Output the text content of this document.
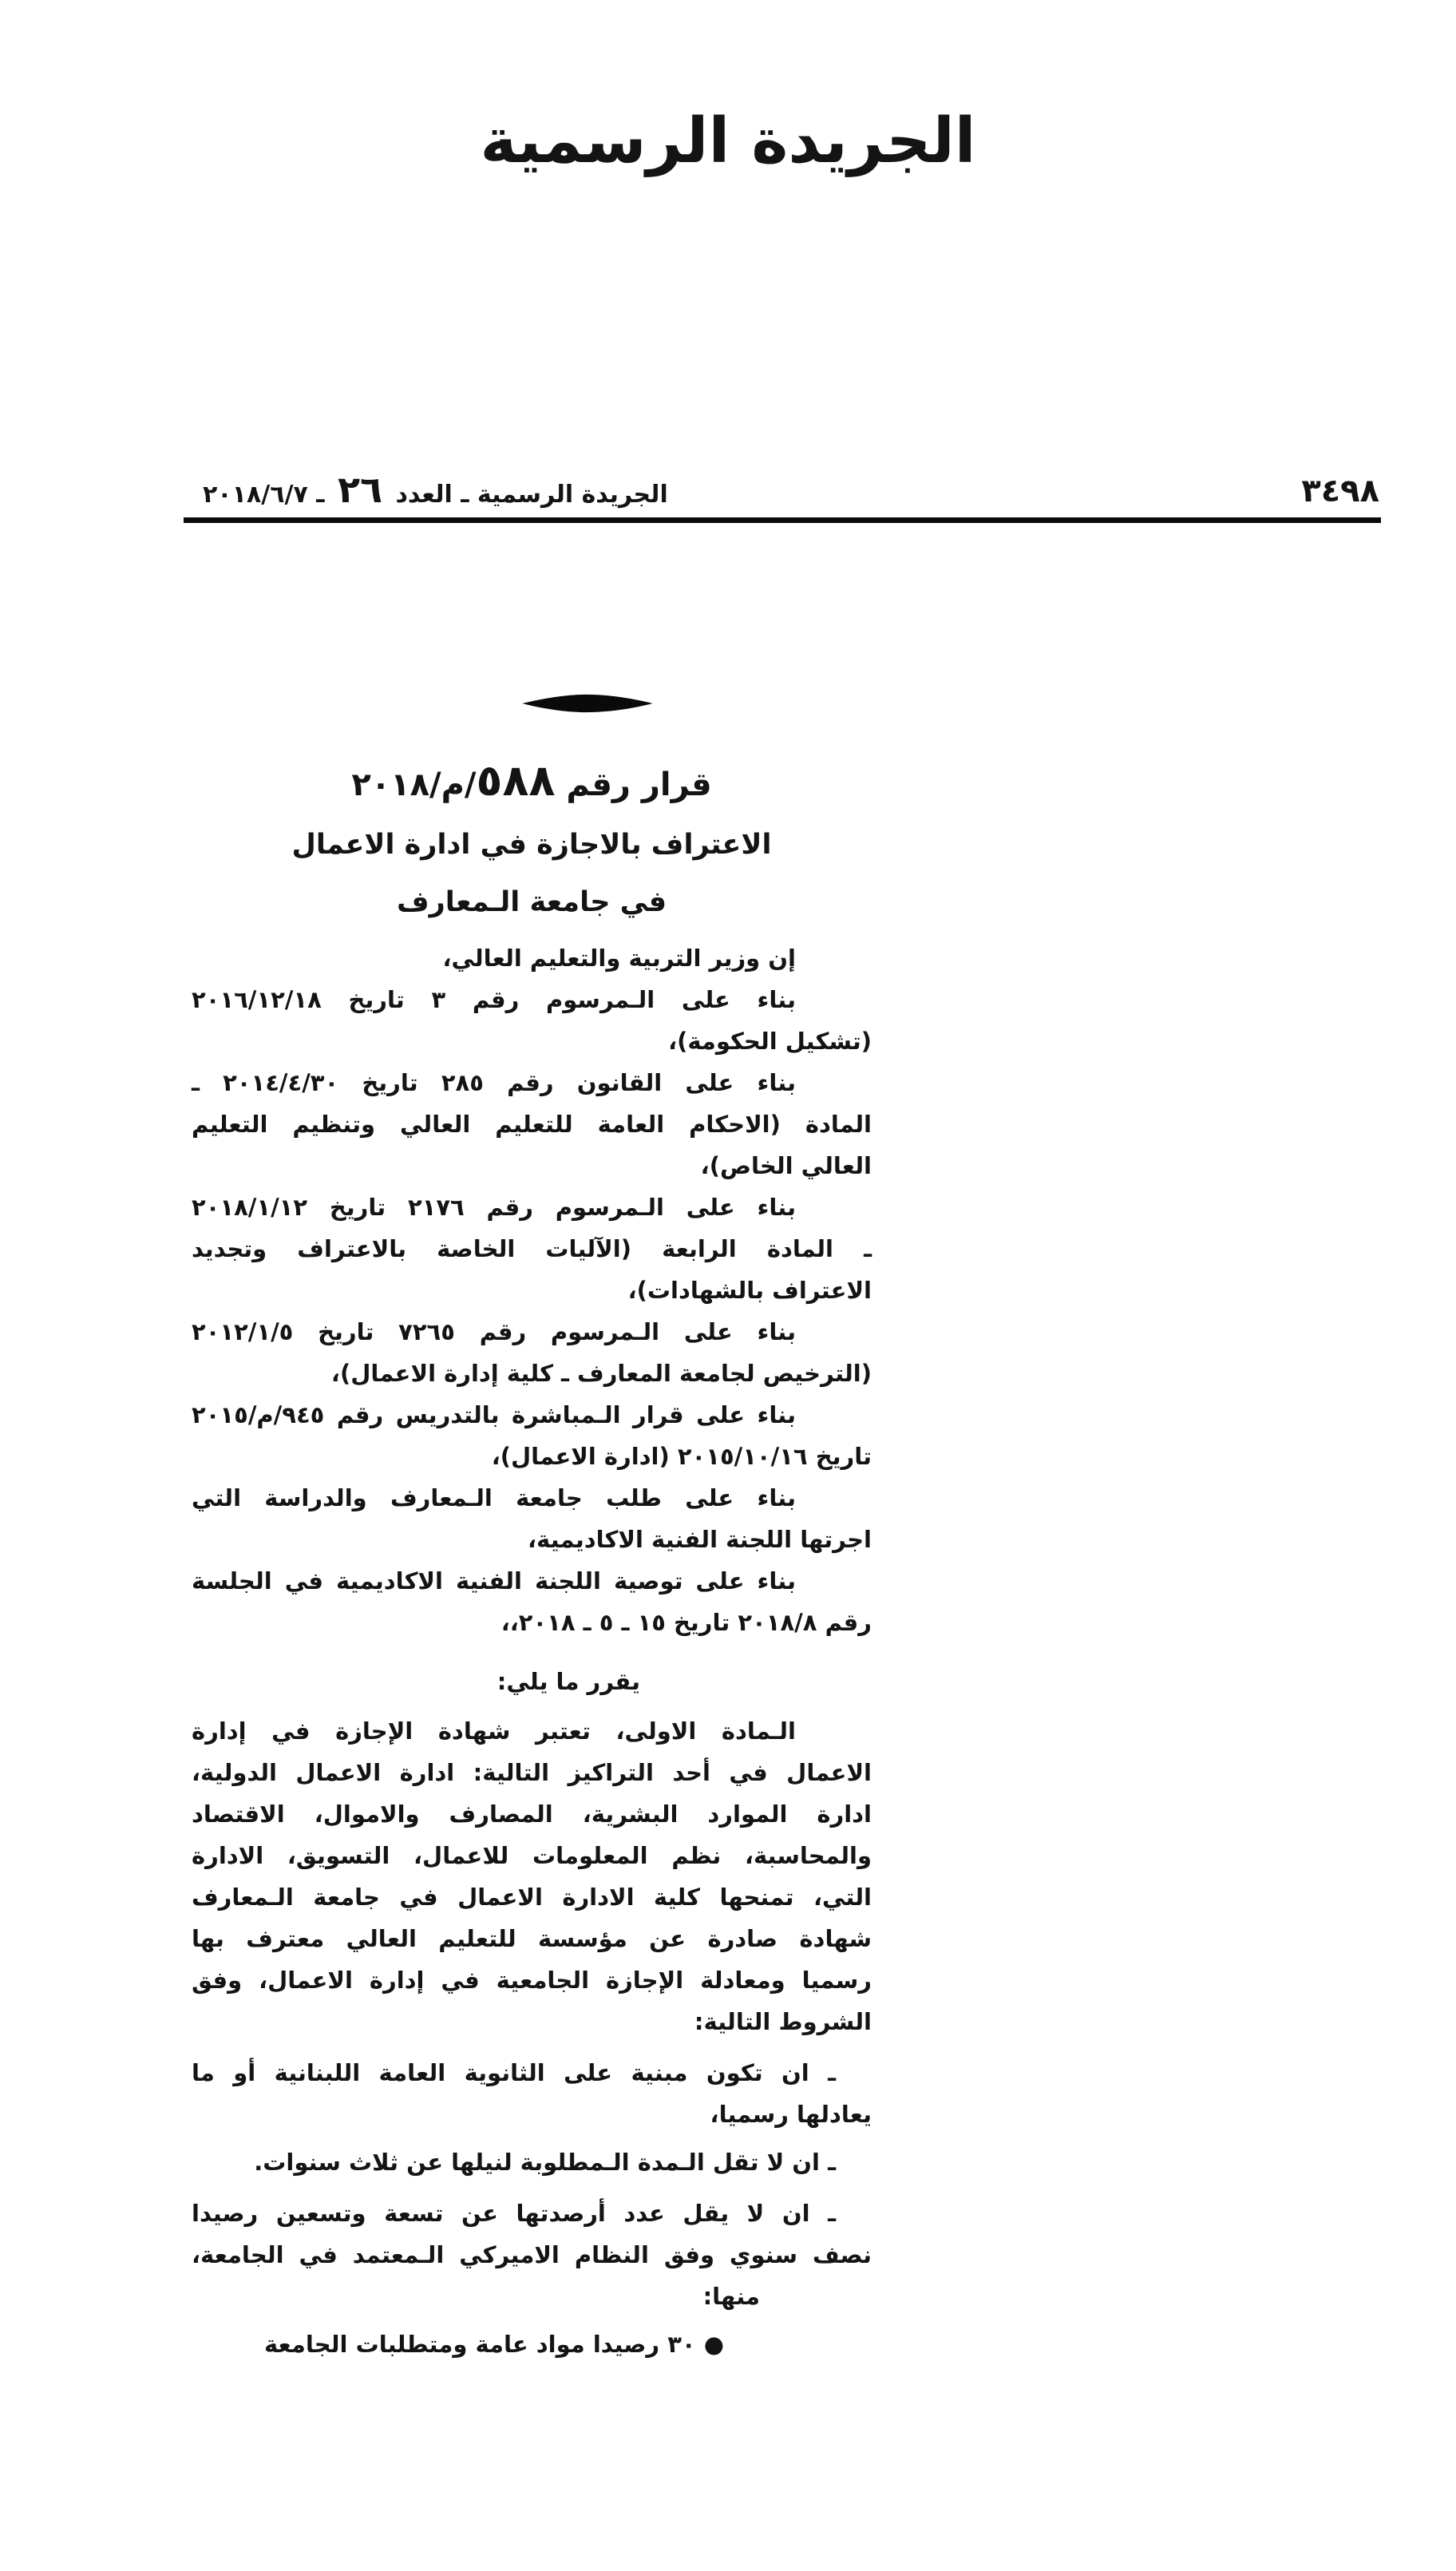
الجريدة الرسمية
الجريدة الرسمية ـ العدد ٢٦ ـ ٢٠١٨/٦/٧	٣٤٩٨
قرار رقم ٥٨٨/م/٢٠١٨
الاعتراف بالاجازة في ادارة الاعمال
في جامعة الـمعارف
إن وزير التربية والتعليم العالي،
بناء على الـمرسوم رقم ٣ تاريخ ٢٠١٦/١٢/١٨
(تشكيل الحكومة)،
بناء على القانون رقم ٢٨٥ تاريخ ٢٠١٤/٤/٣٠ ـ
المادة (الاحكام العامة للتعليم العالي وتنظيم التعليم
العالي الخاص)،
بناء على الـمرسوم رقم ٢١٧٦ تاريخ ٢٠١٨/١/١٢
ـ المادة الرابعة (الآليات الخاصة بالاعتراف وتجديد
الاعتراف بالشهادات)،
بناء على الـمرسوم رقم ٧٢٦٥ تاريخ ٢٠١٢/١/٥
(الترخيص لجامعة المعارف ـ كلية إدارة الاعمال)،
بناء على قرار الـمباشرة بالتدريس رقم ٩٤٥/م/٢٠١٥
تاريخ ٢٠١٥/١٠/١٦ (ادارة الاعمال)،
بناء على طلب جامعة الـمعارف والدراسة التي
اجرتها اللجنة الفنية الاكاديمية،
بناء على توصية اللجنة الفنية الاكاديمية في الجلسة
رقم ٢٠١٨/٨ تاريخ ١٥ ـ ٥ ـ ٢٠١٨،،
يقرر ما يلي:
الـمادة الاولى، تعتبر شهادة الإجازة في إدارة
الاعمال في أحد التراكيز التالية: ادارة الاعمال الدولية،
ادارة الموارد البشرية، المصارف والاموال، الاقتصاد
والمحاسبة، نظم المعلومات للاعمال، التسويق، الادارة
التي، تمنحها كلية الادارة الاعمال في جامعة الـمعارف
شهادة صادرة عن مؤسسة للتعليم العالي معترف بها
رسميا ومعادلة الإجازة الجامعية في إدارة الاعمال، وفق
الشروط التالية:
ـ ان تكون مبنية على الثانوية العامة اللبنانية أو ما
يعادلها رسميا،
ـ ان لا تقل الـمدة الـمطلوبة لنيلها عن ثلاث سنوات.
ـ ان لا يقل عدد أرصدتها عن تسعة وتسعين رصيدا
نصف سنوي وفق النظام الاميركي الـمعتمد في الجامعة،
منها:
● ٣٠ رصيدا مواد عامة ومتطلبات الجامعة
